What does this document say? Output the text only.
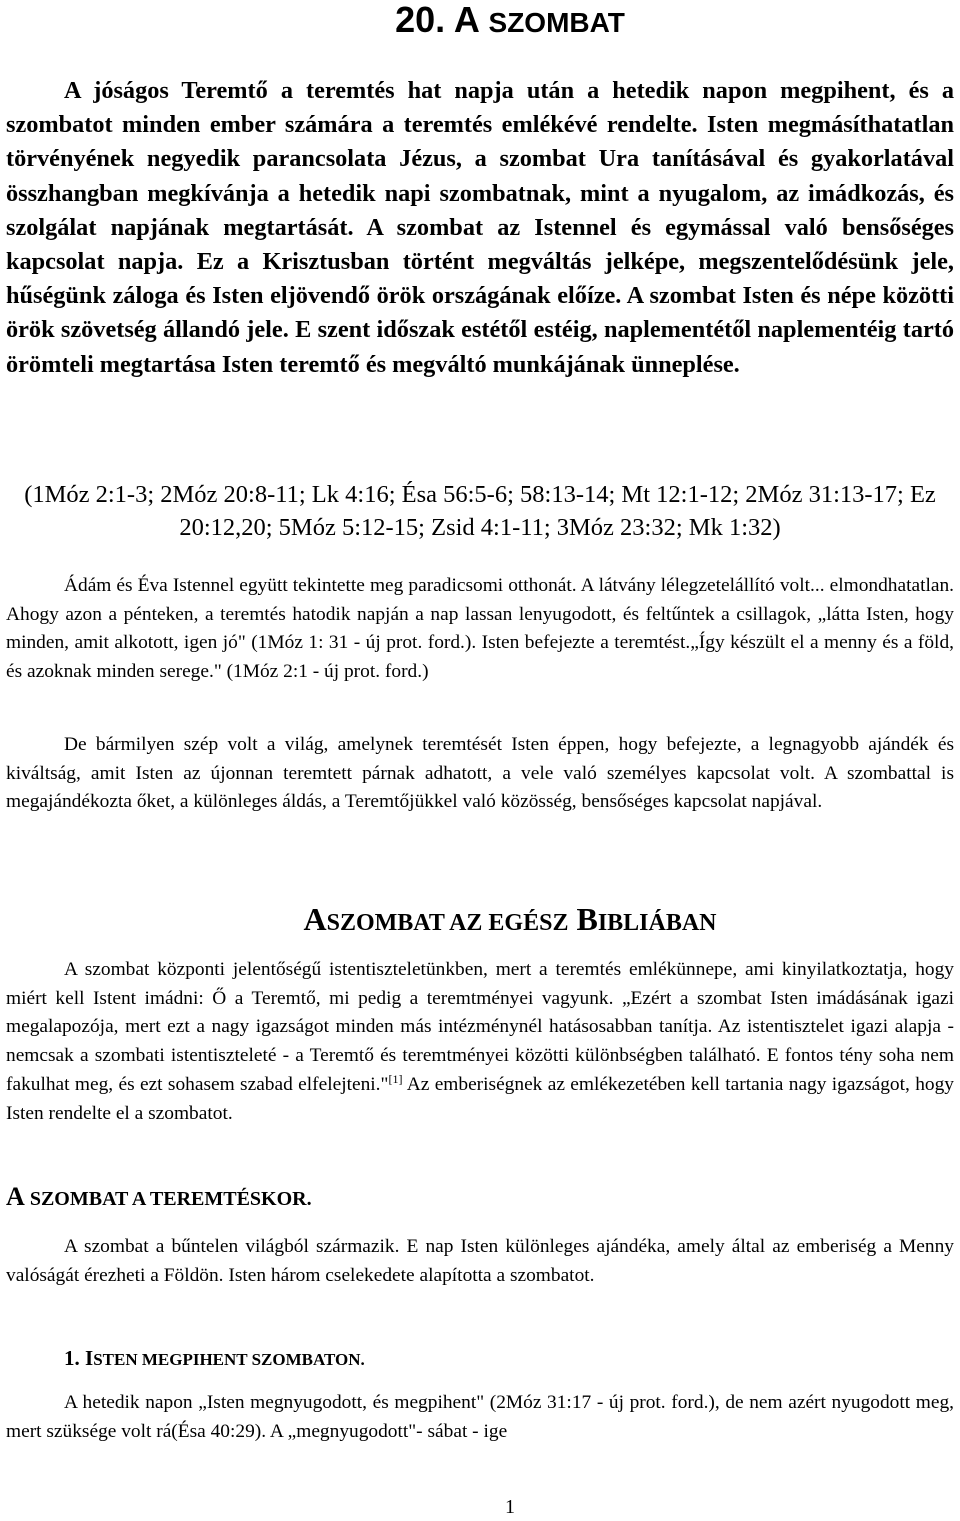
20. A SZOMBAT

A jóságos Teremtő a teremtés hat napja után a hetedik napon megpihent, és a szombatot minden ember számára a teremtés emlékévé rendelte. Isten megmásíthatatlan törvényének negyedik parancsolata Jézus, a szombat Ura tanításával és gyakorlatával összhangban megkívánja a hetedik napi szombatnak, mint a nyugalom, az imádkozás, és szolgálat napjának megtartását. A szombat az Istennel és egymással való bensőséges kapcsolat napja. Ez a Krisztusban történt megváltás jelképe, megszentelődésünk jele, hűségünk záloga és Isten eljövendő örök országának előíze. A szombat Isten és népe közötti örök szövetség állandó jele. E szent időszak estétől estéig, naplementétől naplementéig tartó örömteli megtartása Isten teremtő és megváltó munkájának ünneplése.

(1Móz 2:1-3; 2Móz 20:8-11; Lk 4:16; Ésa 56:5-6; 58:13-14; Mt 12:1-12; 2Móz 31:13-17; Ez 20:12,20; 5Móz 5:12-15; Zsid 4:1-11; 3Móz 23:32; Mk 1:32)

Ádám és Éva Istennel együtt tekintette meg paradicsomi otthonát. A látvány lélegzetelállító volt... elmondhatatlan. Ahogy azon a pénteken, a teremtés hatodik napján a nap lassan lenyugodott, és feltűntek a csillagok, „látta Isten, hogy minden, amit alkotott, igen jó" (1Móz 1: 31 - új prot. ford.). Isten befejezte a teremtést.„Így készült el a menny és a föld, és azoknak minden serege." (1Móz 2:1 - új prot. ford.)

De bármilyen szép volt a világ, amelynek teremtését Isten éppen, hogy befejezte, a legnagyobb ajándék és kiváltság, amit Isten az újonnan teremtett párnak adhatott, a vele való személyes kapcsolat volt. A szombattal is megajándékozta őket, a különleges áldás, a Teremtőjükkel való közösség, bensőséges kapcsolat napjával.

ASZOMBAT AZ EGÉSZ BIBLIÁBAN

A szombat központi jelentőségű istentiszteletünkben, mert a teremtés emlékünnepe, ami kinyilatkoztatja, hogy miért kell Istent imádni: Ő a Teremtő, mi pedig a teremtményei vagyunk. „Ezért a szombat Isten imádásának igazi megalapozója, mert ezt a nagy igazságot minden más intézménynél hatásosabban tanítja. Az istentisztelet igazi alapja - nemcsak a szombati istentiszteleté - a Teremtő és teremtményei közötti különbségben található. E fontos tény soha nem fakulhat meg, és ezt sohasem szabad elfelejteni."[1] Az emberiségnek az emlékezetében kell tartania nagy igazságot, hogy Isten rendelte el a szombatot.

A SZOMBAT A TEREMTÉSKOR.

A szombat a bűntelen világból származik. E nap Isten különleges ajándéka, amely által az emberiség a Menny valóságát érezheti a Földön. Isten három cselekedete alapította a szombatot.

1. ISTEN MEGPIHENT SZOMBATON.

A hetedik napon „Isten megnyugodott, és megpihent" (2Móz 31:17 - új prot. ford.), de nem azért nyugodott meg, mert szüksége volt rá(Ésa 40:29). A „megnyugodott"- sábat - ige

1
